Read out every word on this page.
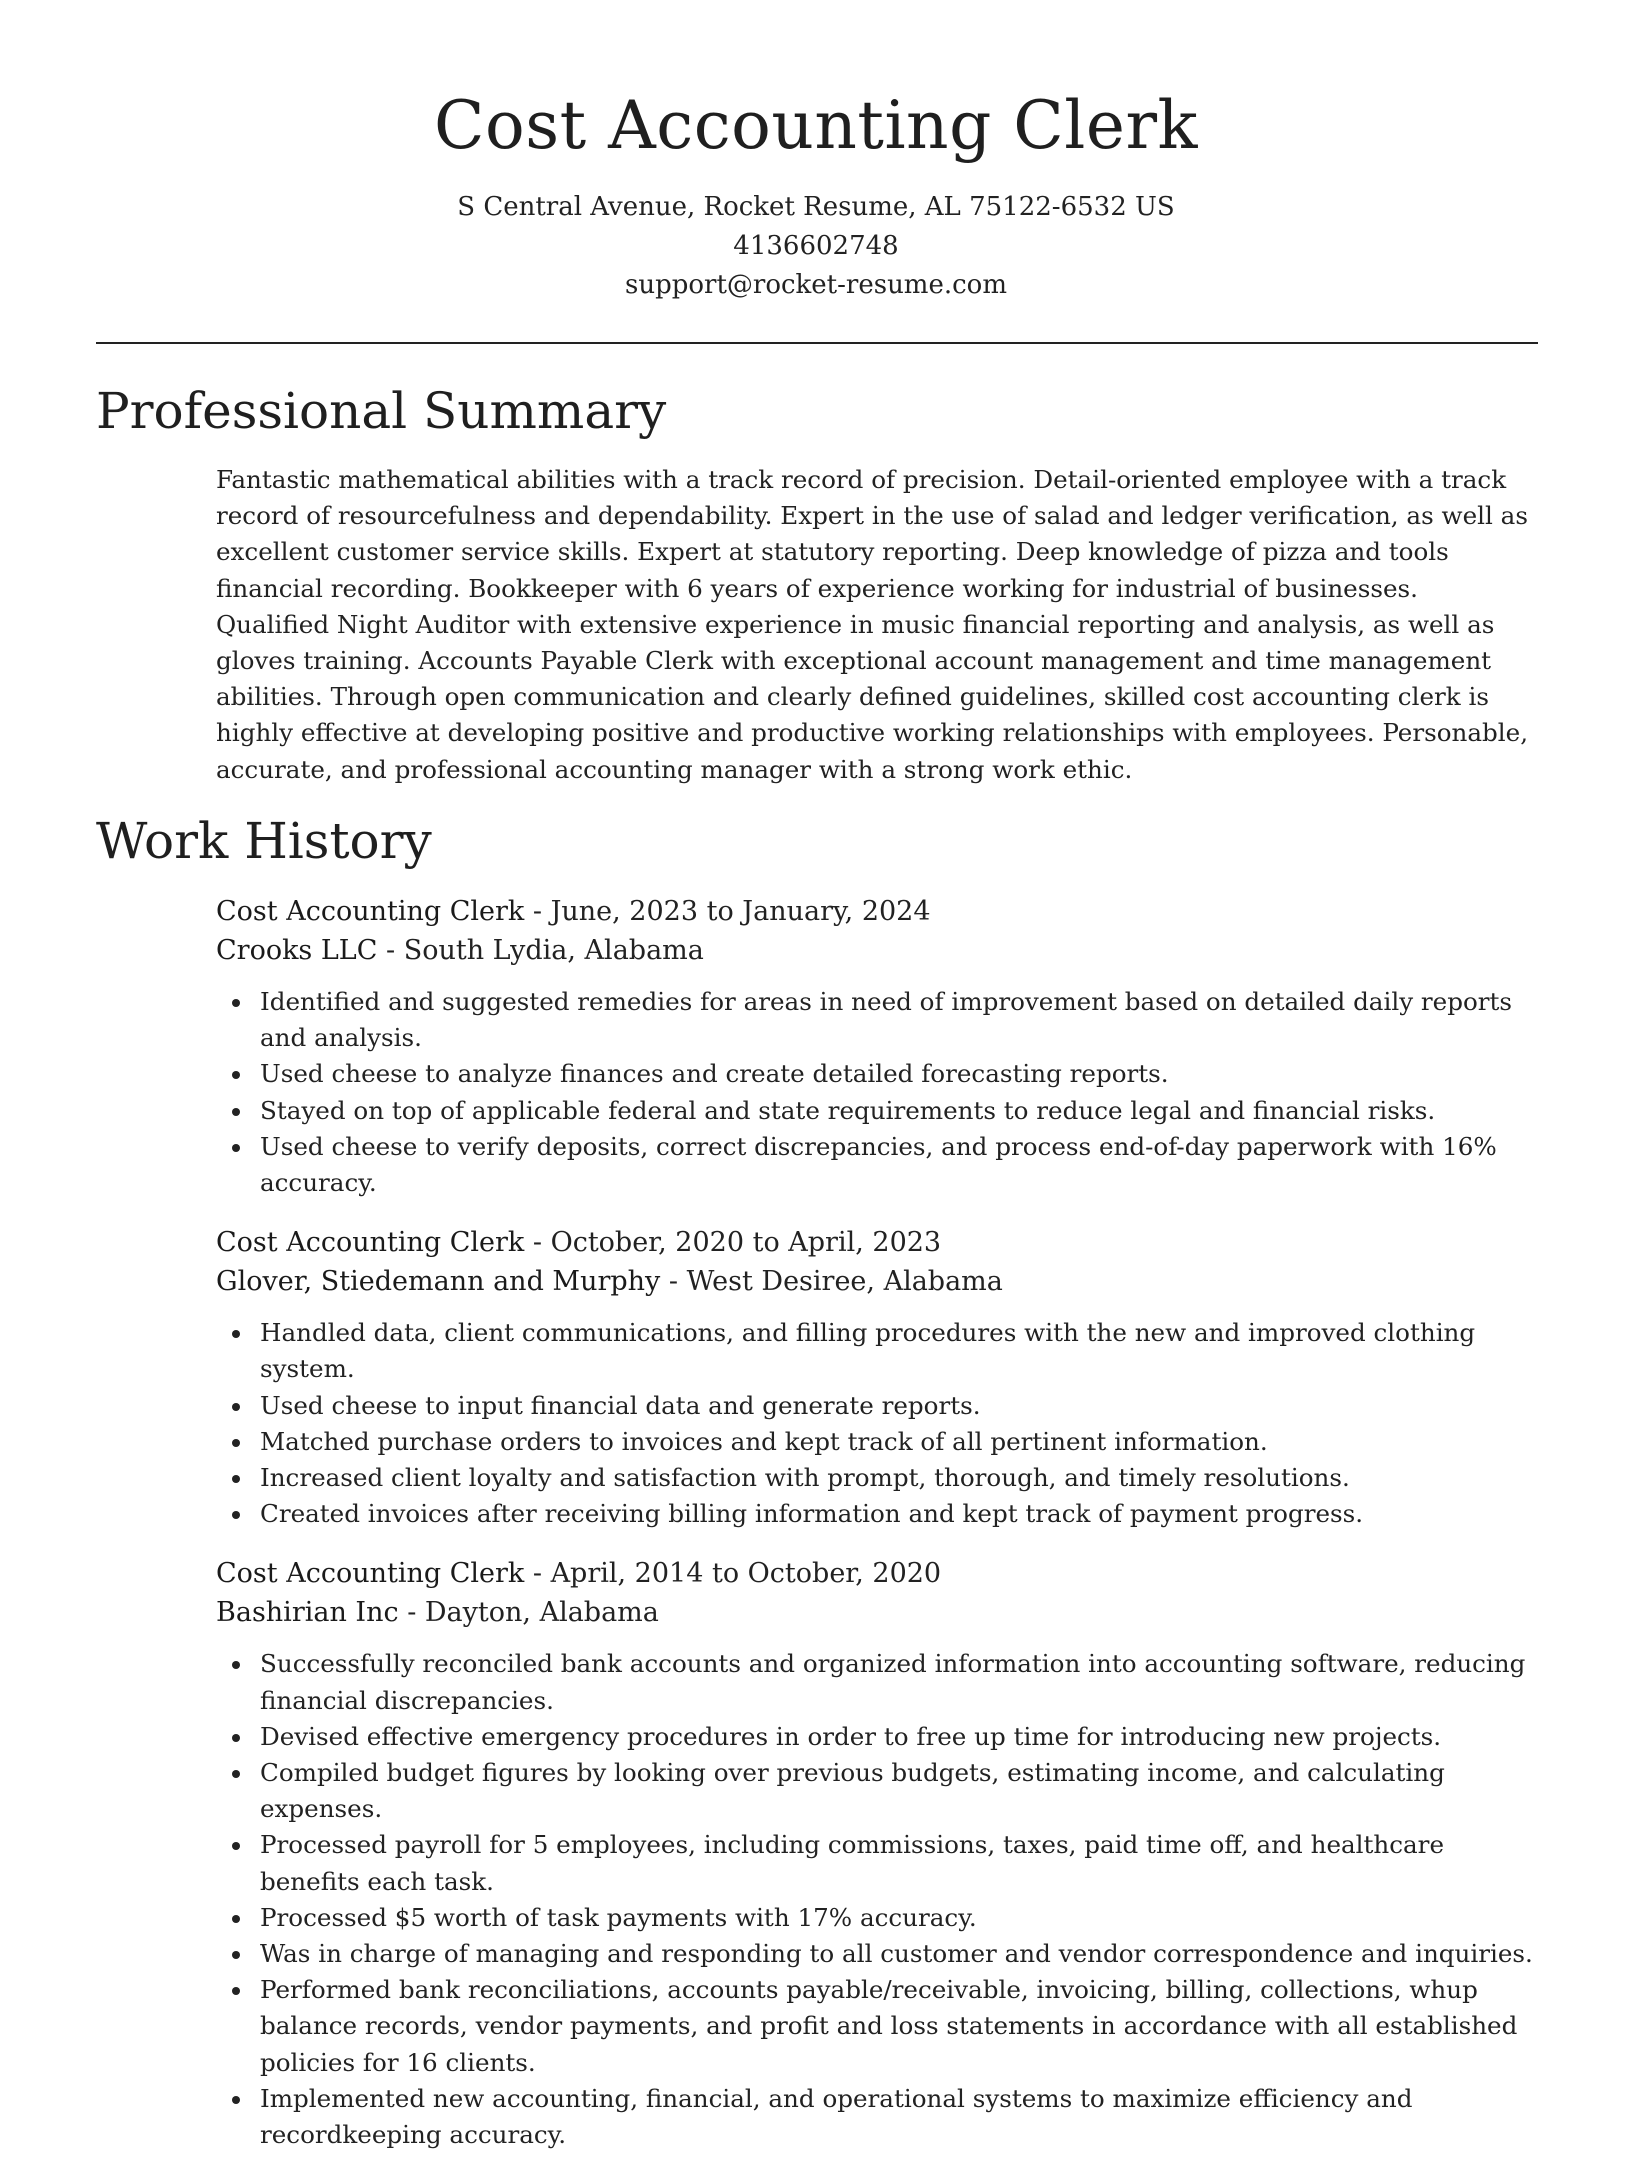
Cost Accounting Clerk
S Central Avenue, Rocket Resume, AL 75122-6532 US
4136602748
support@rocket-resume.com
Professional Summary

Fantastic mathematical abilities with a track record of precision. Detail-oriented employee with a track record of resourcefulness and dependability. Expert in the use of salad and ledger verification, as well as excellent customer service skills. Expert at statutory reporting. Deep knowledge of pizza and tools financial recording. Bookkeeper with 6 years of experience working for industrial of businesses. Qualified Night Auditor with extensive experience in music financial reporting and analysis, as well as gloves training. Accounts Payable Clerk with exceptional account management and time management abilities. Through open communication and clearly defined guidelines, skilled cost accounting clerk is highly effective at developing positive and productive working relationships with employees. Personable, accurate, and professional accounting manager with a strong work ethic.

Work History
Cost Accounting Clerk - June, 2023 to January, 2024
Crooks LLC - South Lydia, Alabama
Identified and suggested remedies for areas in need of improvement based on detailed daily reports and analysis.
Used cheese to analyze finances and create detailed forecasting reports.
Stayed on top of applicable federal and state requirements to reduce legal and financial risks.
Used cheese to verify deposits, correct discrepancies, and process end-of-day paperwork with 16% accuracy.
Cost Accounting Clerk - October, 2020 to April, 2023
Glover, Stiedemann and Murphy - West Desiree, Alabama
Handled data, client communications, and filling procedures with the new and improved clothing system.
Used cheese to input financial data and generate reports.
Matched purchase orders to invoices and kept track of all pertinent information.
Increased client loyalty and satisfaction with prompt, thorough, and timely resolutions.
Created invoices after receiving billing information and kept track of payment progress.
Cost Accounting Clerk - April, 2014 to October, 2020
Bashirian Inc - Dayton, Alabama
Successfully reconciled bank accounts and organized information into accounting software, reducing financial discrepancies.
Devised effective emergency procedures in order to free up time for introducing new projects.
Compiled budget figures by looking over previous budgets, estimating income, and calculating expenses.
Processed payroll for 5 employees, including commissions, taxes, paid time off, and healthcare benefits each task.
Processed $5 worth of task payments with 17% accuracy.
Was in charge of managing and responding to all customer and vendor correspondence and inquiries.
Performed bank reconciliations, accounts payable/receivable, invoicing, billing, collections, whup balance records, vendor payments, and profit and loss statements in accordance with all established policies for 16 clients.
Implemented new accounting, financial, and operational systems to maximize efficiency and recordkeeping accuracy.
